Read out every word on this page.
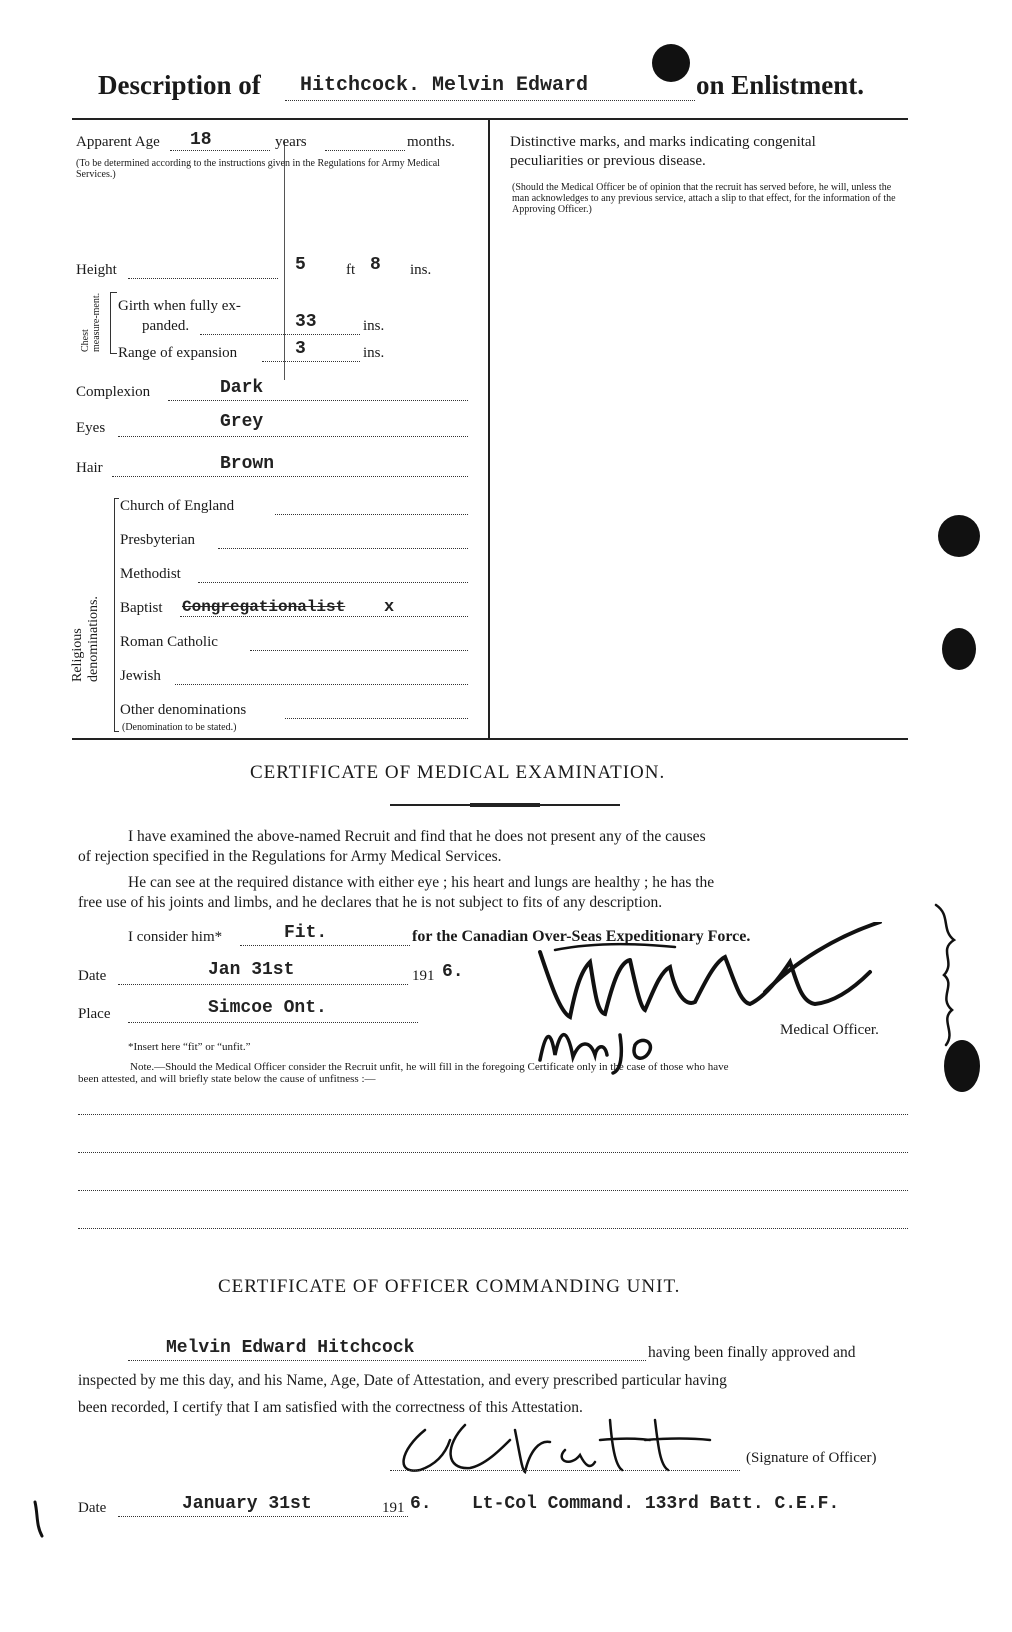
Description of Hitchcock. Melvin Edward	on Enlistment.
Apparent Age 18	years	months.
(To be determined according to the instructions given in the Regulations for Army Medical Services.)
Height	5	ft 8 ins.
Chest measure-ment. Girth when fully ex-
panded.	33	ins.
Range of expansion	3	ins.
Complexion	Dark
Eyes	Grey
Hair	Brown
Religious denominations.
Church of England
Presbyterian
Methodist
Baptist Congregationalist x
Roman Catholic
Jewish
Other denominations
(Denomination to be stated.)
Distinctive marks, and marks indicating congenital
peculiarities or previous disease.
(Should the Medical Officer be of opinion that the recruit has served before, he will, unless the man acknowledges to any previous service, attach a slip to that effect, for the information of the Approving Officer.)
CERTIFICATE OF MEDICAL EXAMINATION.
I have examined the above-named Recruit and find that he does not present any of the causes
of rejection specified in the Regulations for Army Medical Services.
He can see at the required distance with either eye ; his heart and lungs are healthy ; he has the
free use of his joints and limbs, and he declares that he is not subject to fits of any description.
I consider him*	Fit.	for the Canadian Over-Seas Expeditionary Force.
Date	Jan 31st	191 6.
Place	Simcoe Ont.
*Insert here “fit” or “unfit.”
Medical Officer.
Note.—Should the Medical Officer consider the Recruit unfit, he will fill in the foregoing Certificate only in the case of those who have
been attested, and will briefly state below the cause of unfitness :—
CERTIFICATE OF OFFICER COMMANDING UNIT.
Melvin Edward Hitchcock	having been finally approved and
inspected by me this day, and his Name, Age, Date of Attestation, and every prescribed particular having
been recorded, I certify that I am satisfied with the correctness of this Attestation.
(Signature of Officer)
Date	January 31st	191 6. Lt-Col Command. 133rd Batt. C.E.F.
